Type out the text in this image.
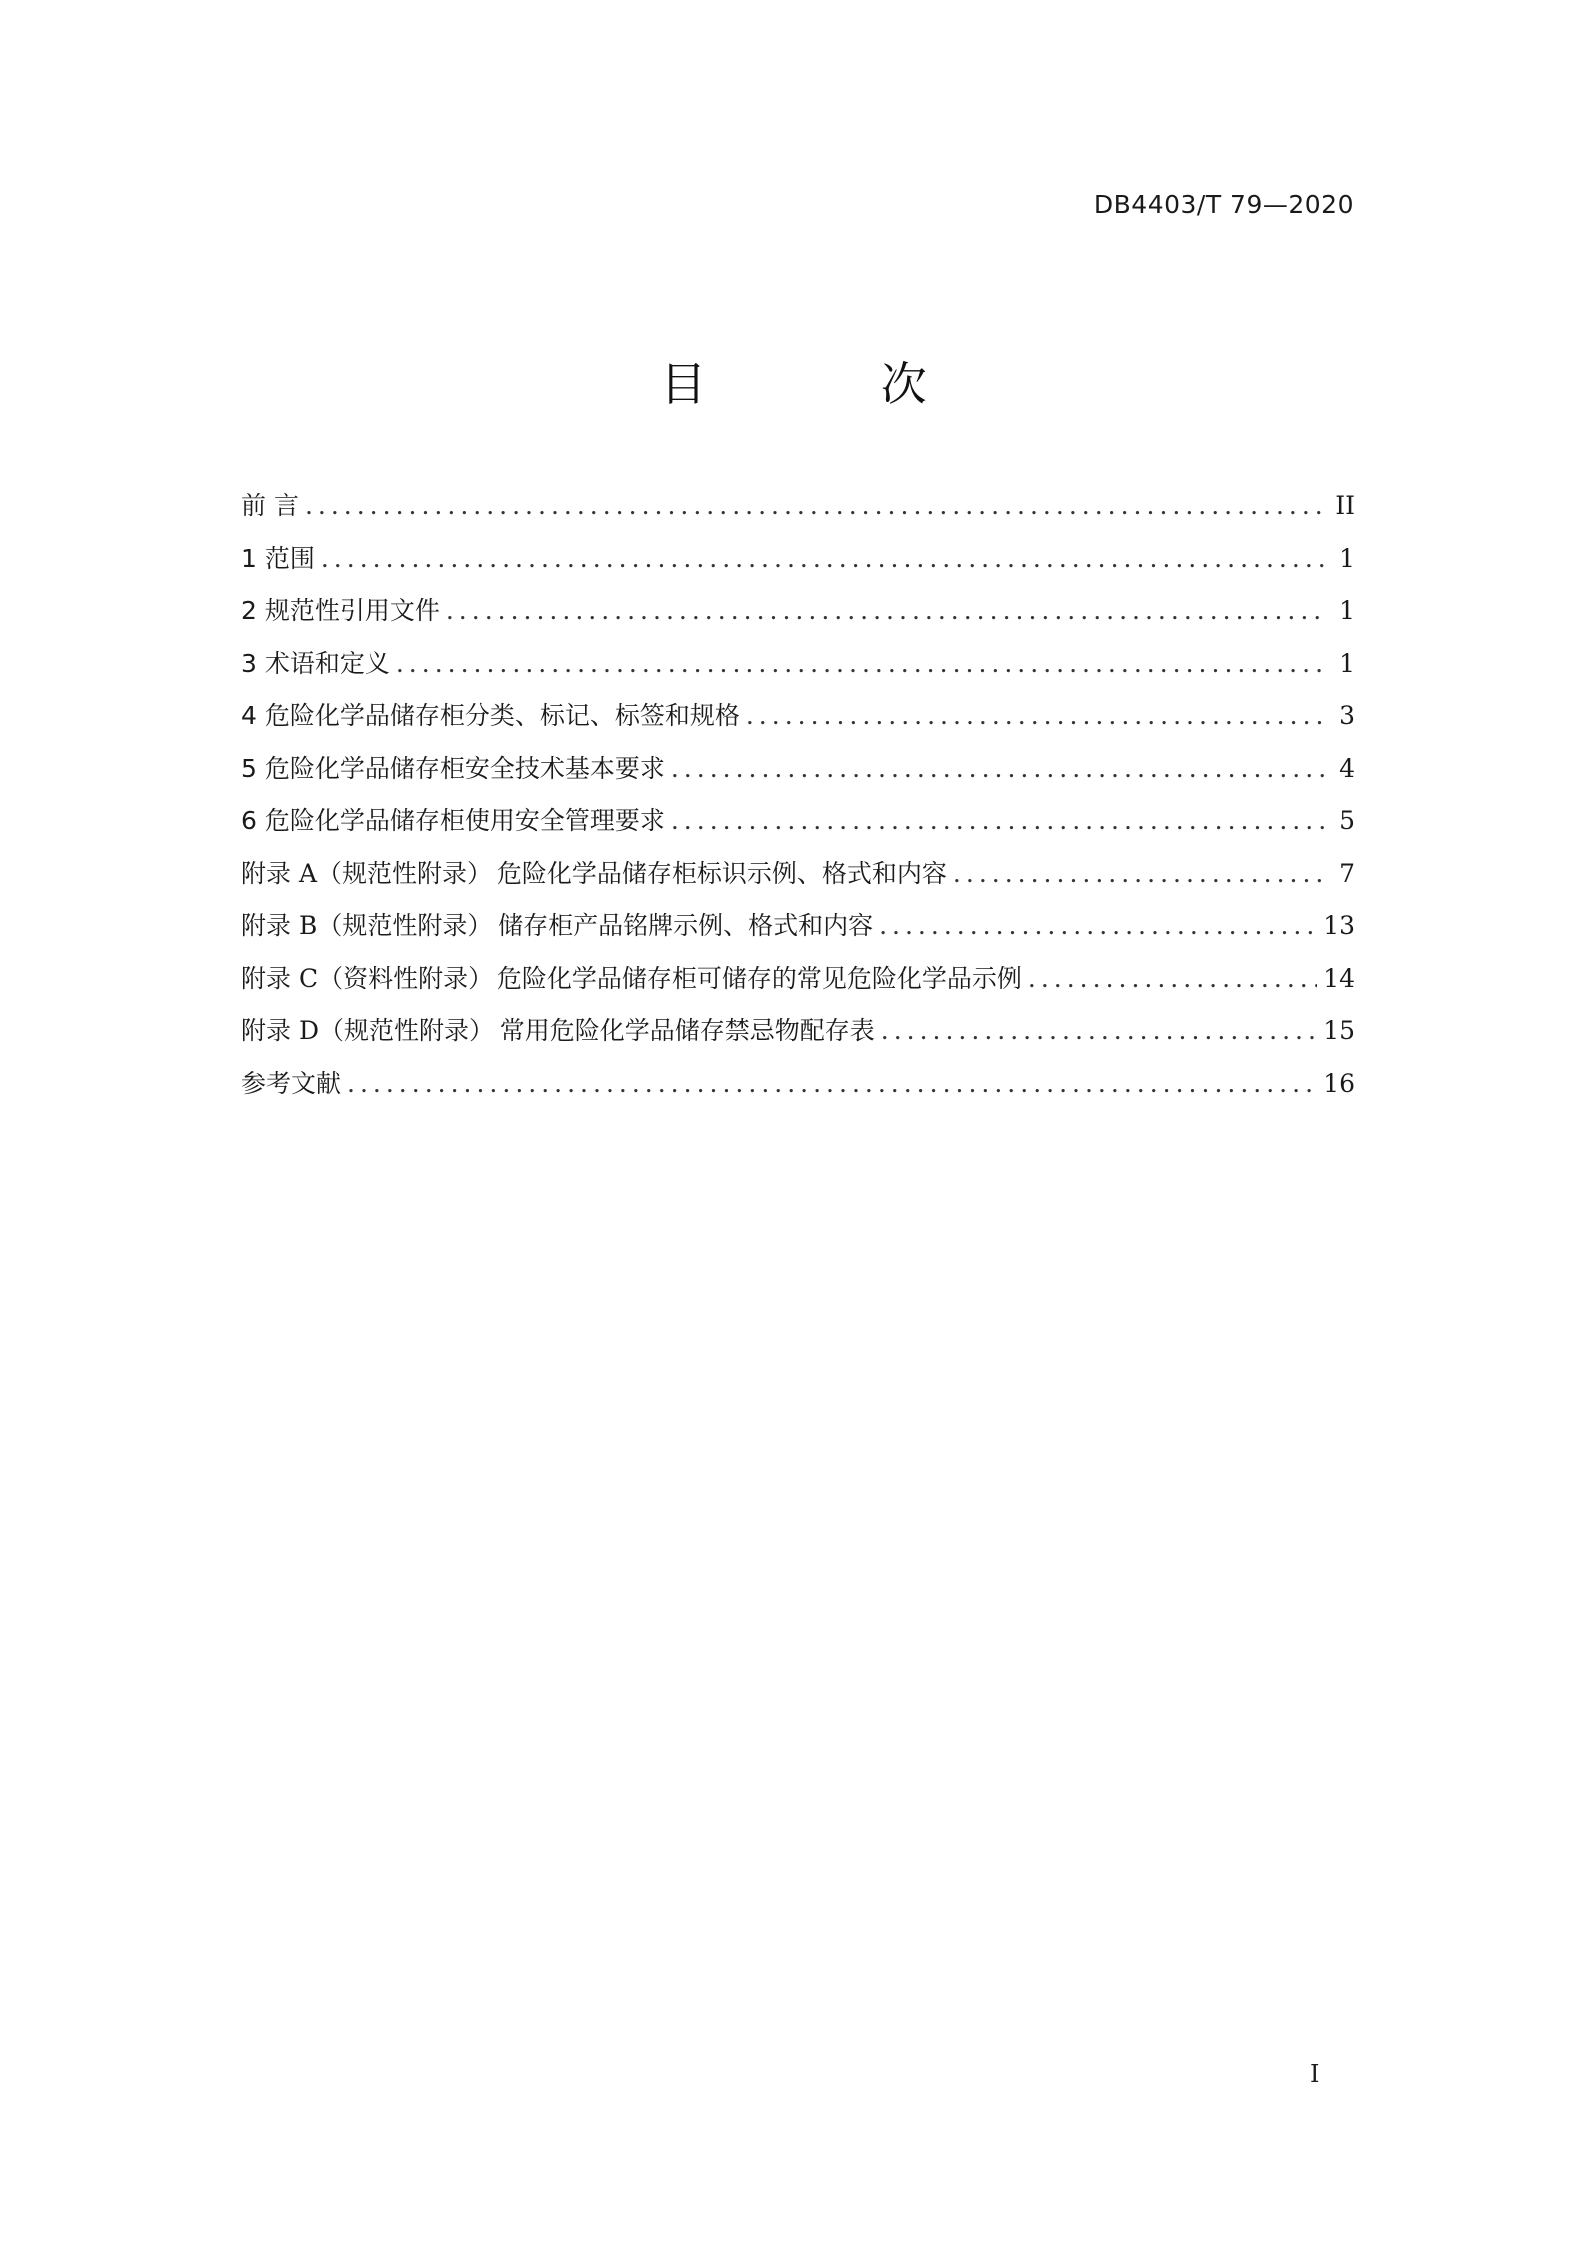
DB4403/T 79—2020
目 次
前 言 .....	II
1 范围 .....	1
2 规范性引用文件 .....	1
3 术语和定义 .....	1
4 危险化学品储存柜分类、标记、标签和规格 .....	3
5 危险化学品储存柜安全技术基本要求 .....	4
6 危险化学品储存柜使用安全管理要求 .....	5
附录 A（规范性附录） 危险化学品储存柜标识示例、格式和内容 .....	7
附录 B（规范性附录） 储存柜产品铭牌示例、格式和内容 .....	13
附录 C（资料性附录） 危险化学品储存柜可储存的常见危险化学品示例 .....	14
附录 D（规范性附录） 常用危险化学品储存禁忌物配存表 .....	15
参考文献 .....	16
I
